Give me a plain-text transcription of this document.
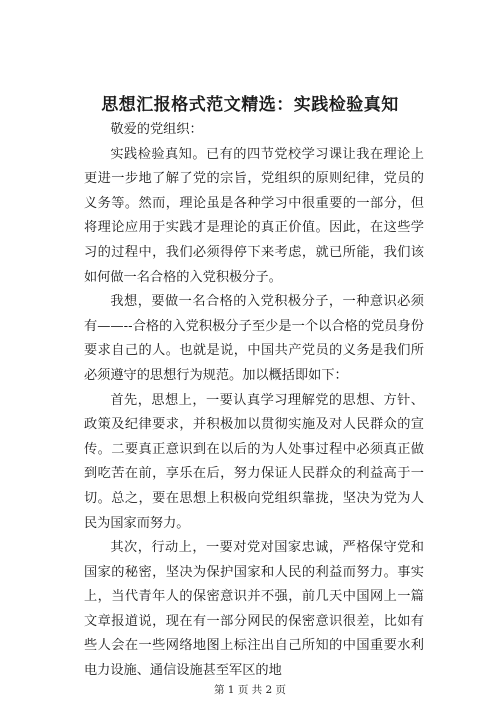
思想汇报格式范文精选：实践检验真知

敬爱的党组织：

实践检验真知。已有的四节党校学习课让我在理论上更进一步地了解了党的宗旨，党组织的原则纪律，党员的义务等。然而，理论虽是各种学习中很重要的一部分，但将理论应用于实践才是理论的真正价值。因此，在这些学习的过程中，我们必须得停下来考虑，就已所能，我们该如何做一名合格的入党积极分子。

我想，要做一名合格的入党积极分子，一种意识必须有——--合格的入党积极分子至少是一个以合格的党员身份要求自己的人。也就是说，中国共产党员的义务是我们所必须遵守的思想行为规范。加以概括即如下：

首先，思想上，一要认真学习理解党的思想、方针、政策及纪律要求，并积极加以贯彻实施及对人民群众的宣传。二要真正意识到在以后的为人处事过程中必须真正做到吃苦在前，享乐在后，努力保证人民群众的利益高于一切。总之，要在思想上积极向党组织靠拢，坚决为党为人民为国家而努力。

其次，行动上，一要对党对国家忠诚，严格保守党和国家的秘密，坚决为保护国家和人民的利益而努力。事实上，当代青年人的保密意识并不强，前几天中国网上一篇文章报道说，现在有一部分网民的保密意识很差，比如有些人会在一些网络地图上标注出自己所知的中国重要水利电力设施、通信设施甚至军区的地

第 1 页 共 2 页
